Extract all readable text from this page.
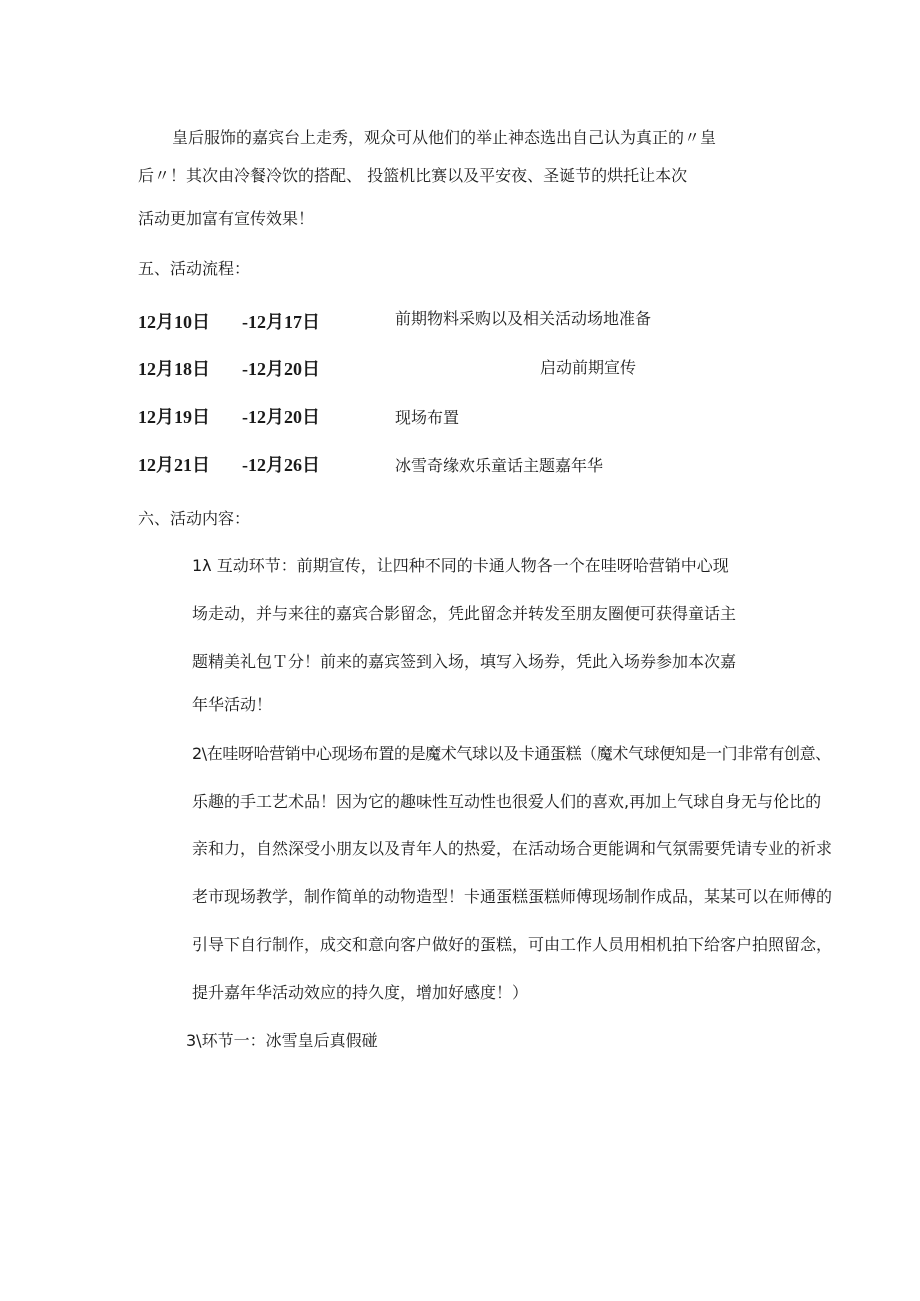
皇后服饰的嘉宾台上走秀，观众可从他们的举止神态选出自己认为真正的〃皇
后〃！其次由冷餐冷饮的搭配、 投篮机比赛以及平安夜、圣诞节的烘托让本次
活动更加富有宣传效果！
五、活动流程：
12月10日 -12月17日	前期物料采购以及相关活动场地准备
12月18日 -12月20日	启动前期宣传
12月19日 -12月20日	现场布置
12月21日 -12月26日	冰雪奇缘欢乐童话主题嘉年华
六、活动内容：
1λ 互动环节：前期宣传，让四种不同的卡通人物各一个在哇呀哈营销中心现
场走动，并与来往的嘉宾合影留念，凭此留念并转发至朋友圈便可获得童话主
题精美礼包Ｔ分！前来的嘉宾签到入场，填写入场券，凭此入场券参加本次嘉
年华活动！
2\在哇呀哈营销中心现场布置的是魔术气球以及卡通蛋糕（魔术气球便知是一门非常有创意、
乐趣的手工艺术品！因为它的趣味性互动性也很爱人们的喜欢,再加上气球自身无与伦比的
亲和力，自然深受小朋友以及青年人的热爱，在活动场合更能调和气氛需要凭请专业的祈求
老市现场教学，制作简单的动物造型！卡通蛋糕蛋糕师傅现场制作成品，某某可以在师傅的
引导下自行制作，成交和意向客户做好的蛋糕，可由工作人员用相机拍下给客户拍照留念，
提升嘉年华活动效应的持久度，增加好感度！）
3\环节一：冰雪皇后真假碰
